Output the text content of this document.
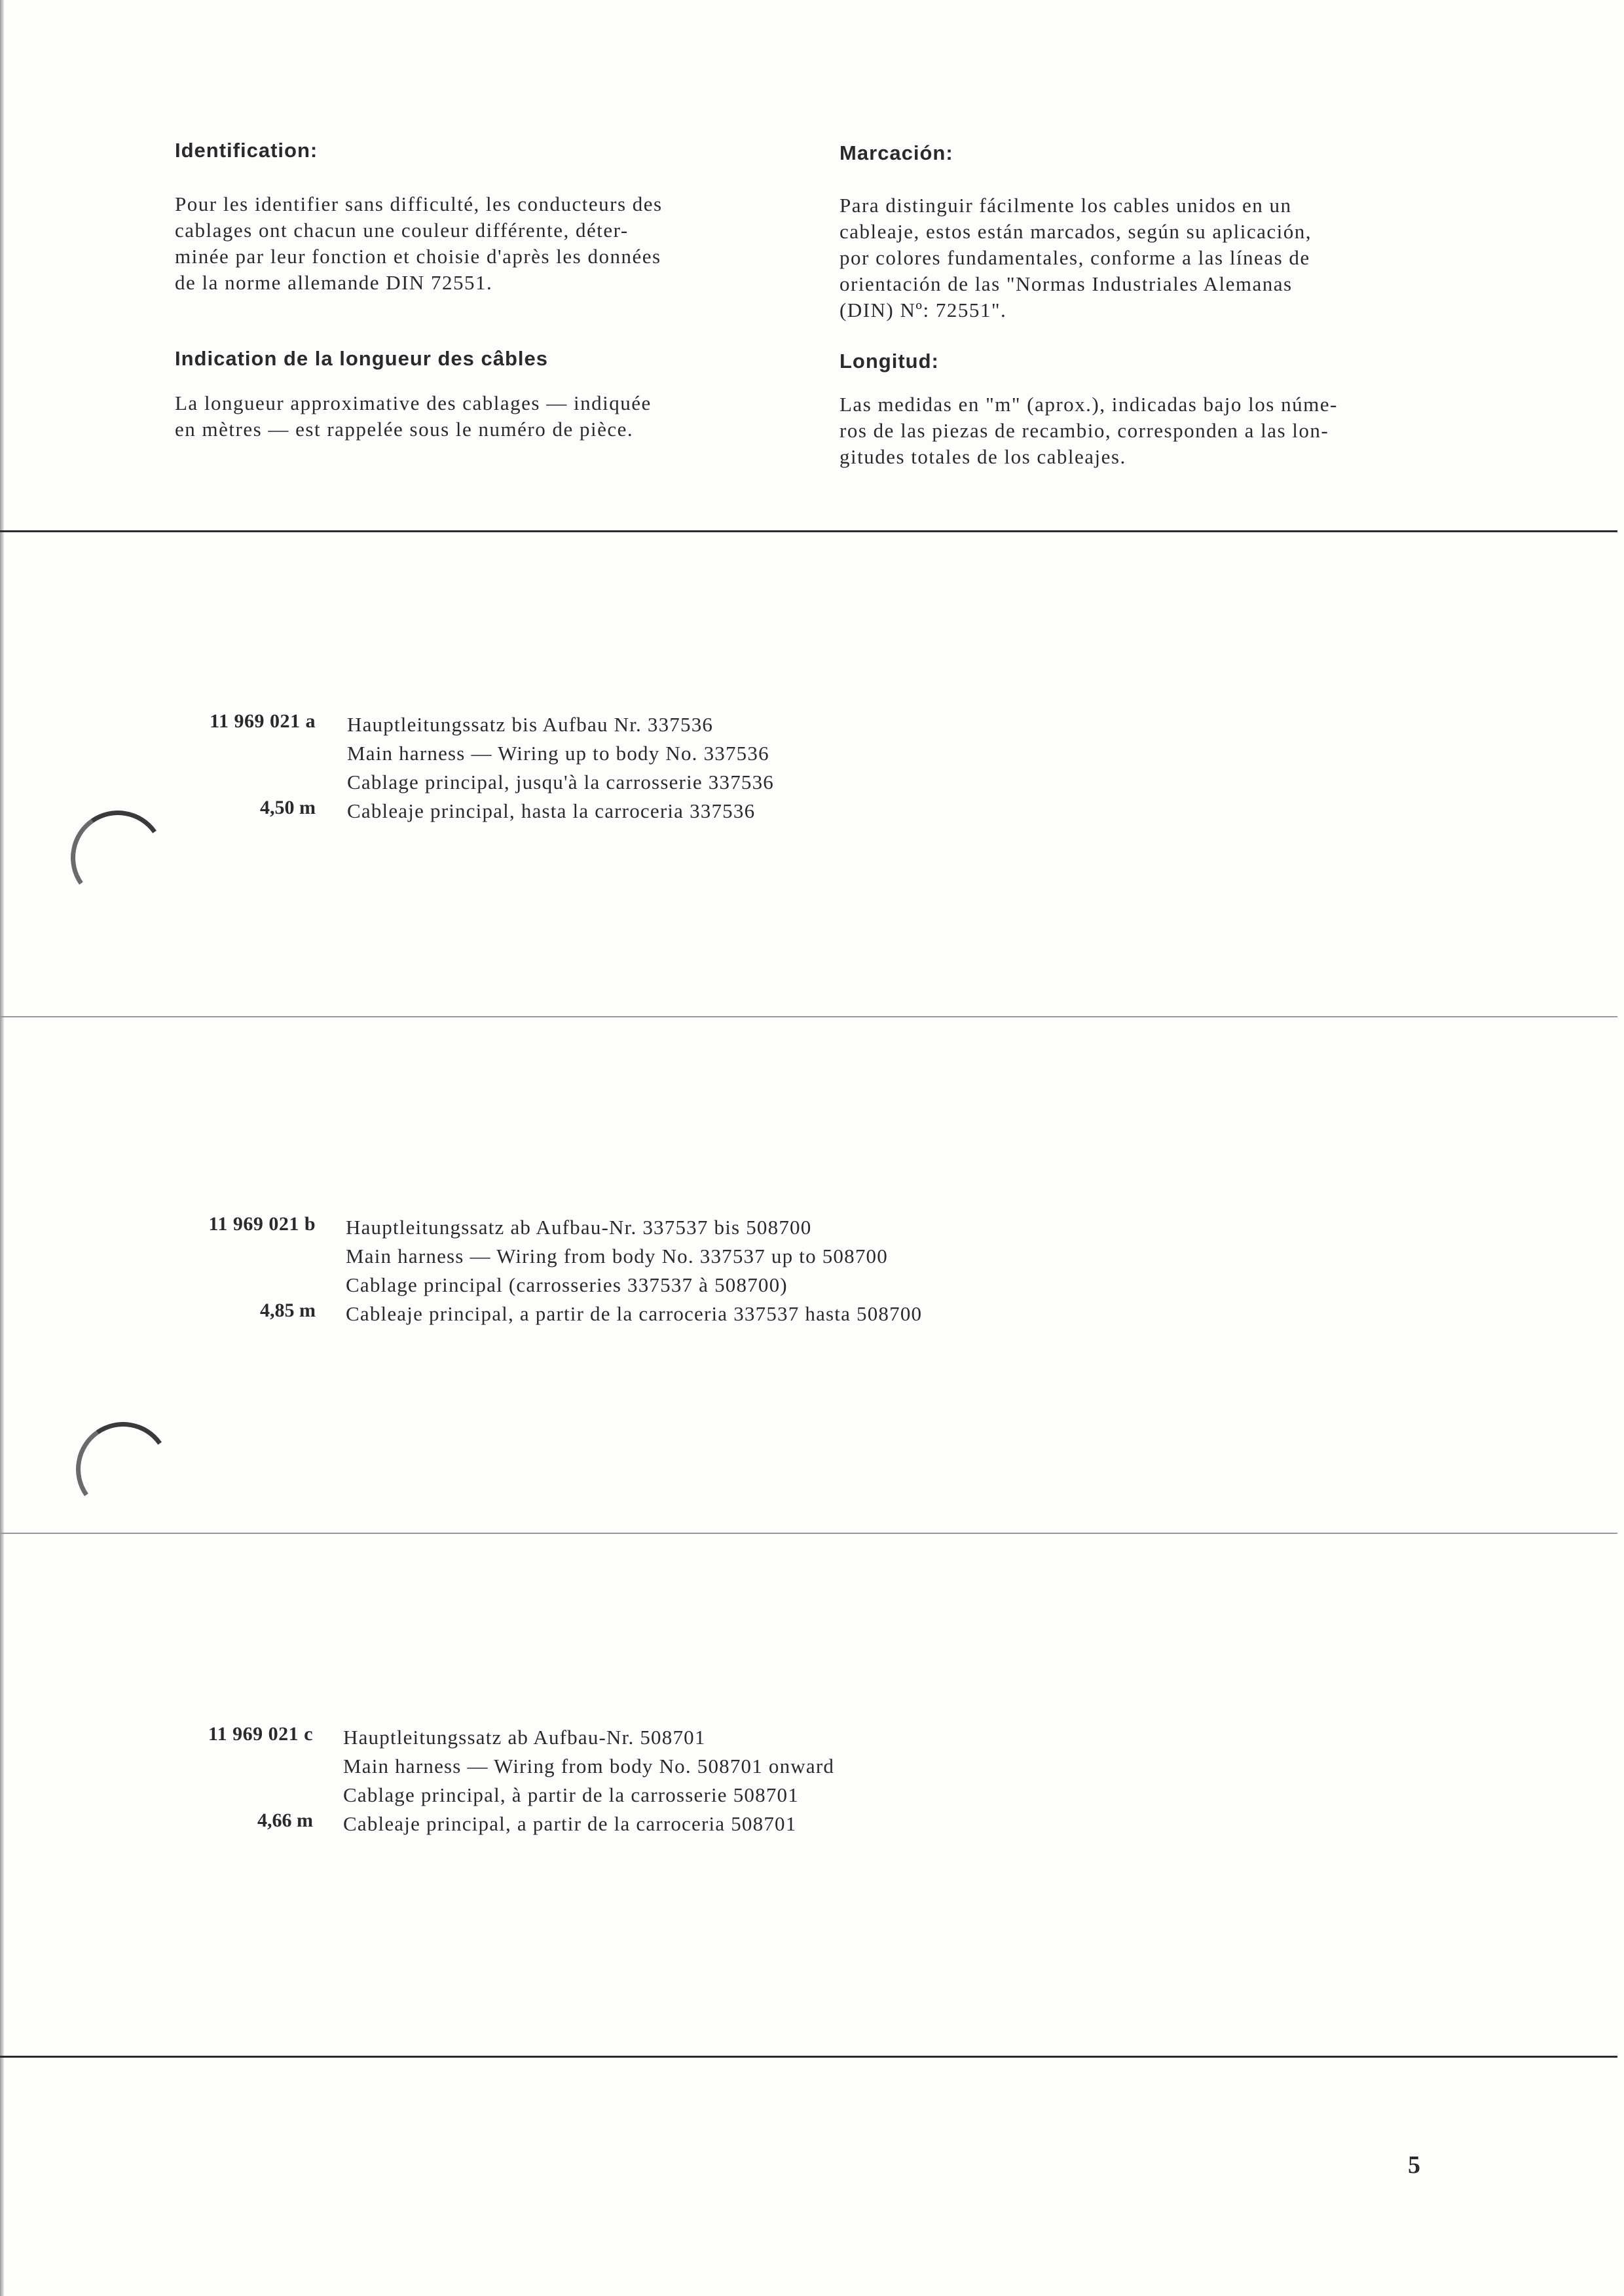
Identification:

Pour les identifier sans difficulté, les conducteurs des

cablages ont chacun une couleur différente, déter-

minée par leur fonction et choisie d'après les données

de la norme allemande DIN 72551.

Marcación:

Para distinguir fácilmente los cables unidos en un

cableaje, estos están marcados, según su aplicación,

por colores fundamentales, conforme a las líneas de

orientación de las "Normas Industriales Alemanas

(DIN) Nº: 72551".

Indication de la longueur des câbles

La longueur approximative des cablages — indiquée

en mètres — est rappelée sous le numéro de pièce.

Longitud:

Las medidas en "m" (aprox.), indicadas bajo los núme-

ros de las piezas de recambio, corresponden a las lon-

gitudes totales de los cableajes.

11 969 021 a
4,50 m
Hauptleitungssatz bis Aufbau Nr. 337536
Main harness — Wiring up to body No. 337536
Cablage principal, jusqu'à la carrosserie 337536
Cableaje principal, hasta la carroceria 337536
11 969 021 b
4,85 m
Hauptleitungssatz ab Aufbau-Nr. 337537 bis 508700
Main harness — Wiring from body No. 337537 up to 508700
Cablage principal (carrosseries 337537 à 508700)
Cableaje principal, a partir de la carroceria 337537 hasta 508700
11 969 021 c
4,66 m
Hauptleitungssatz ab Aufbau-Nr. 508701
Main harness — Wiring from body No. 508701 onward
Cablage principal, à partir de la carrosserie 508701
Cableaje principal, a partir de la carroceria 508701
5
